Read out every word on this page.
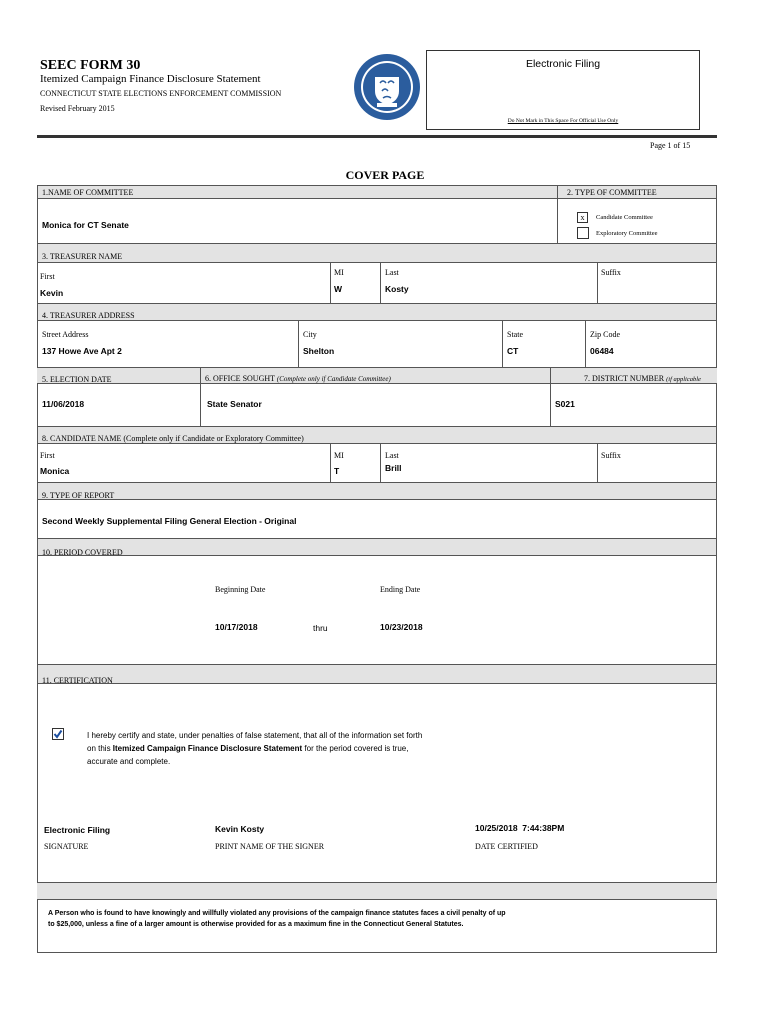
SEEC FORM 30
Itemized Campaign Finance Disclosure Statement
CONNECTICUT STATE ELECTIONS ENFORCEMENT COMMISSION
Revised February 2015
Electronic Filing
Do Not Mark in This Space For Official Use Only
Page 1 of 15
COVER PAGE
1.NAME OF COMMITTEE	2. TYPE OF COMMITTEE
Monica for CT Senate
x	Candidate Committee
Exploratory Committee
3. TREASURER NAME
First
Kevin
MI
W
Last
Kosty
Suffix
4. TREASURER ADDRESS
Street Address
137 Howe Ave Apt 2
City
Shelton
State
CT
Zip Code
06484
5. ELECTION DATE	6. OFFICE SOUGHT (Complete only if Candidate Committee)	7. DISTRICT NUMBER (if applicable
11/06/2018	State Senator	S021
8. CANDIDATE NAME (Complete only if Candidate or Exploratory Committee)
First
Monica
MI
T
Last
Brill
Suffix
9. TYPE OF REPORT
Second Weekly Supplemental Filing General Election - Original
10. PERIOD COVERED
Beginning Date	Ending Date
10/17/2018	thru	10/23/2018
11. CERTIFICATION
I hereby certify and state, under penalties of false statement, that all of the information set forth
on this Itemized Campaign Finance Disclosure Statement for the period covered is true,
accurate and complete.
Electronic Filing
SIGNATURE
Kevin Kosty
PRINT NAME OF THE SIGNER
10/25/2018  7:44:38PM
DATE CERTIFIED
A Person who is found to have knowingly and willfully violated any provisions of the campaign finance statutes faces a civil penalty of up
to $25,000, unless a fine of a larger amount is otherwise provided for as a maximum fine in the Connecticut General Statutes.
